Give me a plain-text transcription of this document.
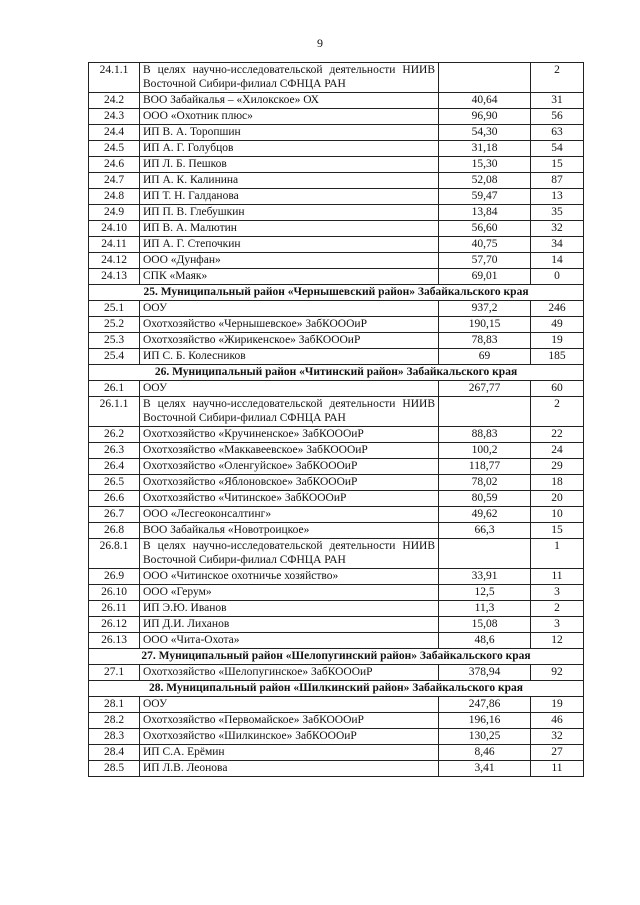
9
24.1.1	В целях научно-исследовательской деятельности НИИВ Восточной Сибири-филиал СФНЦА РАН		2
24.2	ВОО Забайкалья – «Хилокское» ОХ	40,64	31
24.3	ООО «Охотник плюс»	96,90	56
24.4	ИП В. А. Торопшин	54,30	63
24.5	ИП А. Г. Голубцов	31,18	54
24.6	ИП Л. Б. Пешков	15,30	15
24.7	ИП А. К. Калинина	52,08	87
24.8	ИП Т. Н. Галданова	59,47	13
24.9	ИП П. В. Глебушкин	13,84	35
24.10	ИП В. А. Малютин	56,60	32
24.11	ИП А. Г. Степочкин	40,75	34
24.12	ООО «Дунфан»	57,70	14
24.13	СПК «Маяк»	69,01	0
25. Муниципальный район «Чернышевский район» Забайкальского края			
25.1	ООУ	937,2	246
25.2	Охотхозяйство «Чернышевское» ЗабКОООиР	190,15	49
25.3	Охотхозяйство «Жирикенское» ЗабКОООиР	78,83	19
25.4	ИП С. Б. Колесников	69	185
26. Муниципальный район «Читинский район» Забайкальского края			
26.1	ООУ	267,77	60
26.1.1	В целях научно-исследовательской деятельности НИИВ Восточной Сибири-филиал СФНЦА РАН		2
26.2	Охотхозяйство «Кручиненское» ЗабКОООиР	88,83	22
26.3	Охотхозяйство «Маккавеевское» ЗабКОООиР	100,2	24
26.4	Охотхозяйство «Оленгуйское» ЗабКОООиР	118,77	29
26.5	Охотхозяйство «Яблоновское» ЗабКОООиР	78,02	18
26.6	Охотхозяйство «Читинское» ЗабКОООиР	80,59	20
26.7	ООО «Лесгеоконсалтинг»	49,62	10
26.8	ВОО Забайкалья «Новотроицкое»	66,3	15
26.8.1	В целях научно-исследовательской деятельности НИИВ Восточной Сибири-филиал СФНЦА РАН		1
26.9	ООО «Читинское охотничье хозяйство»	33,91	11
26.10	ООО «Герум»	12,5	3
26.11	ИП Э.Ю. Иванов	11,3	2
26.12	ИП Д.И. Лиханов	15,08	3
26.13	ООО «Чита-Охота»	48,6	12
27. Муниципальный район «Шелопугинский район» Забайкальского края			
27.1	Охотхозяйство «Шелопугинское» ЗабКОООиР	378,94	92
28. Муниципальный район «Шилкинский район» Забайкальского края			
28.1	ООУ	247,86	19
28.2	Охотхозяйство «Первомайское» ЗабКОООиР	196,16	46
28.3	Охотхозяйство «Шилкинское» ЗабКОООиР	130,25	32
28.4	ИП С.А. Ерёмин	8,46	27
28.5	ИП Л.В. Леонова	3,41	11
